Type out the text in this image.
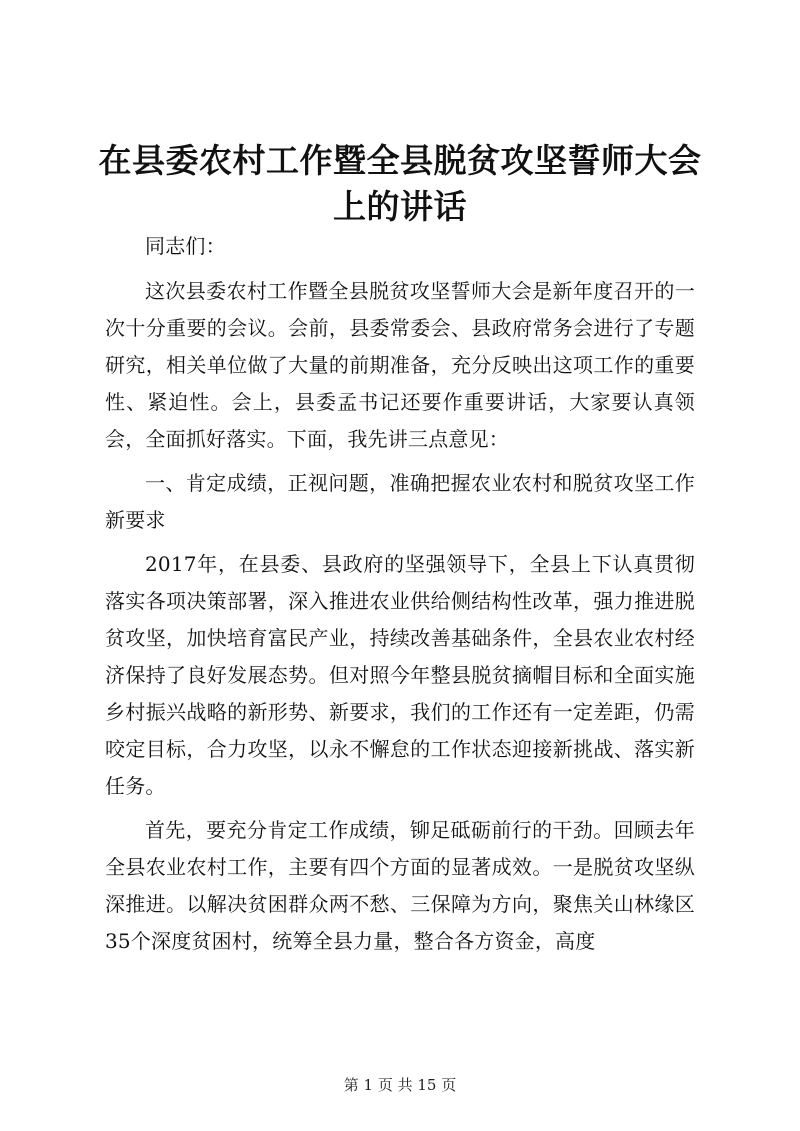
在县委农村工作暨全县脱贫攻坚誓师大会上的讲话

同志们：

这次县委农村工作暨全县脱贫攻坚誓师大会是新年度召开的一次十分重要的会议。会前，县委常委会、县政府常务会进行了专题研究，相关单位做了大量的前期准备，充分反映出这项工作的重要性、紧迫性。会上，县委孟书记还要作重要讲话，大家要认真领会，全面抓好落实。下面，我先讲三点意见：

一、肯定成绩，正视问题，准确把握农业农村和脱贫攻坚工作新要求

2017年，在县委、县政府的坚强领导下，全县上下认真贯彻落实各项决策部署，深入推进农业供给侧结构性改革，强力推进脱贫攻坚，加快培育富民产业，持续改善基础条件，全县农业农村经济保持了良好发展态势。但对照今年整县脱贫摘帽目标和全面实施乡村振兴战略的新形势、新要求，我们的工作还有一定差距，仍需咬定目标，合力攻坚，以永不懈怠的工作状态迎接新挑战、落实新任务。

首先，要充分肯定工作成绩，铆足砥砺前行的干劲。回顾去年全县农业农村工作，主要有四个方面的显著成效。一是脱贫攻坚纵深推进。以解决贫困群众两不愁、三保障为方向，聚焦关山林缘区35个深度贫困村，统筹全县力量，整合各方资金，高度

第 1 页 共 15 页
